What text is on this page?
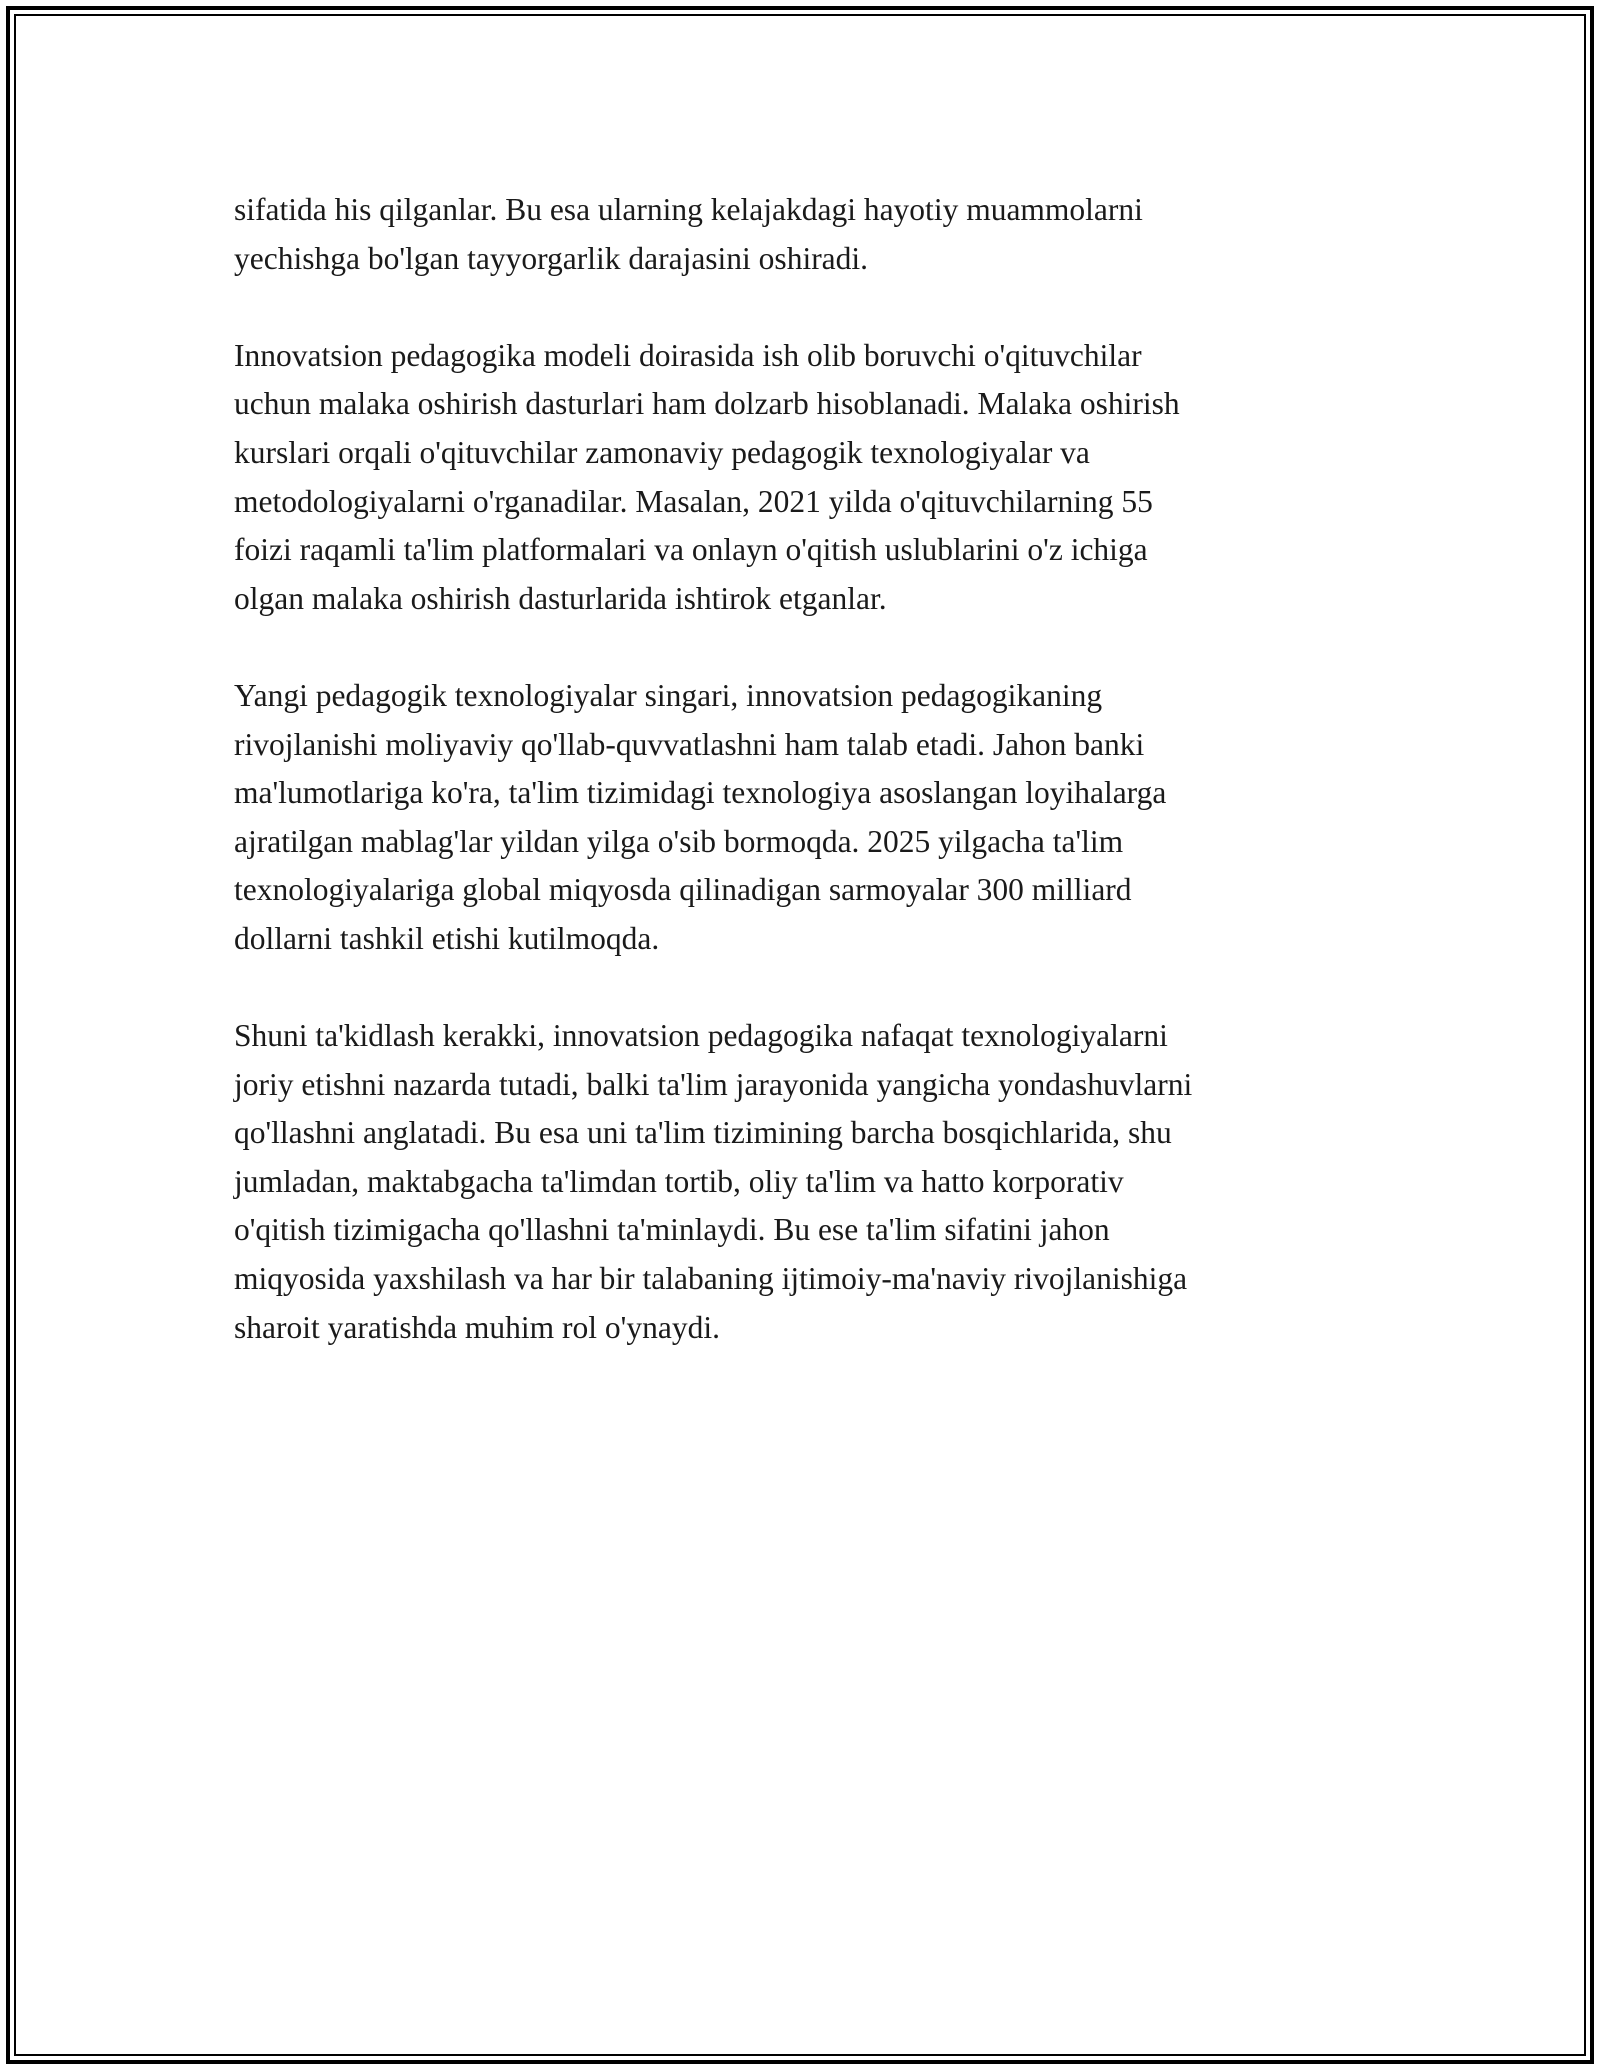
sifatida his qilganlar. Bu esa ularning kelajakdagi hayotiy muammolarni
yechishga bo'lgan tayyorgarlik darajasini oshiradi.

Innovatsion pedagogika modeli doirasida ish olib boruvchi o'qituvchilar
uchun malaka oshirish dasturlari ham dolzarb hisoblanadi. Malaka oshirish
kurslari orqali o'qituvchilar zamonaviy pedagogik texnologiyalar va
metodologiyalarni o'rganadilar. Masalan, 2021 yilda o'qituvchilarning 55
foizi raqamli ta'lim platformalari va onlayn o'qitish uslublarini o'z ichiga
olgan malaka oshirish dasturlarida ishtirok etganlar.

Yangi pedagogik texnologiyalar singari, innovatsion pedagogikaning
rivojlanishi moliyaviy qo'llab-quvvatlashni ham talab etadi. Jahon banki
ma'lumotlariga ko'ra, ta'lim tizimidagi texnologiya asoslangan loyihalarga
ajratilgan mablag'lar yildan yilga o'sib bormoqda. 2025 yilgacha ta'lim
texnologiyalariga global miqyosda qilinadigan sarmoyalar 300 milliard
dollarni tashkil etishi kutilmoqda.

Shuni ta'kidlash kerakki, innovatsion pedagogika nafaqat texnologiyalarni
joriy etishni nazarda tutadi, balki ta'lim jarayonida yangicha yondashuvlarni
qo'llashni anglatadi. Bu esa uni ta'lim tizimining barcha bosqichlarida, shu
jumladan, maktabgacha ta'limdan tortib, oliy ta'lim va hatto korporativ
o'qitish tizimigacha qo'llashni ta'minlaydi. Bu ese ta'lim sifatini jahon
miqyosida yaxshilash va har bir talabaning ijtimoiy-ma'naviy rivojlanishiga
sharoit yaratishda muhim rol o'ynaydi.
